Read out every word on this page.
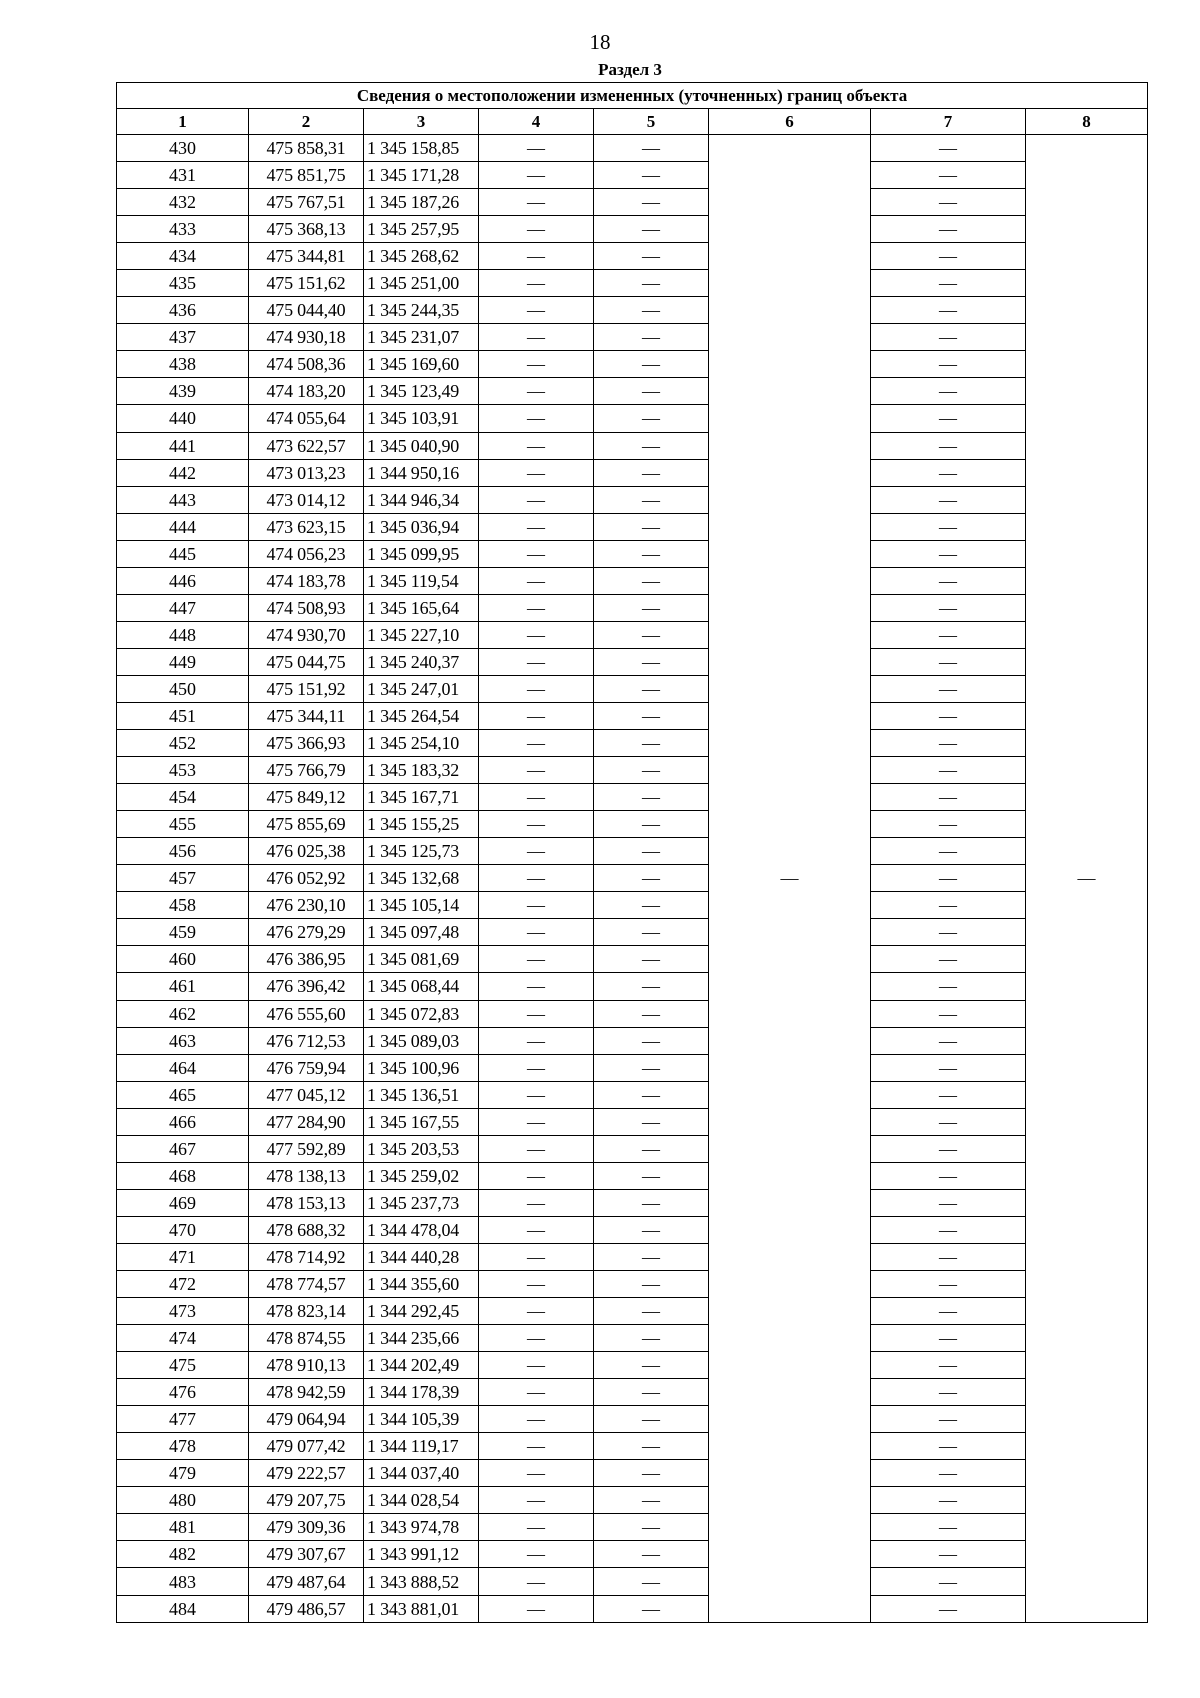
18
Раздел 3
Сведения о местоположении измененных (уточненных) границ объекта							
1	2	3	4	5	6	7	8
430	475 858,31	1 345 158,85	—	—	—	—	—
431	475 851,75	1 345 171,28	—	—		—	
432	475 767,51	1 345 187,26	—	—		—	
433	475 368,13	1 345 257,95	—	—		—	
434	475 344,81	1 345 268,62	—	—		—	
435	475 151,62	1 345 251,00	—	—		—	
436	475 044,40	1 345 244,35	—	—		—	
437	474 930,18	1 345 231,07	—	—		—	
438	474 508,36	1 345 169,60	—	—		—	
439	474 183,20	1 345 123,49	—	—		—	
440	474 055,64	1 345 103,91	—	—		—	
441	473 622,57	1 345 040,90	—	—		—	
442	473 013,23	1 344 950,16	—	—		—	
443	473 014,12	1 344 946,34	—	—		—	
444	473 623,15	1 345 036,94	—	—		—	
445	474 056,23	1 345 099,95	—	—		—	
446	474 183,78	1 345 119,54	—	—		—	
447	474 508,93	1 345 165,64	—	—		—	
448	474 930,70	1 345 227,10	—	—		—	
449	475 044,75	1 345 240,37	—	—		—	
450	475 151,92	1 345 247,01	—	—		—	
451	475 344,11	1 345 264,54	—	—		—	
452	475 366,93	1 345 254,10	—	—		—	
453	475 766,79	1 345 183,32	—	—		—	
454	475 849,12	1 345 167,71	—	—		—	
455	475 855,69	1 345 155,25	—	—		—	
456	476 025,38	1 345 125,73	—	—		—	
457	476 052,92	1 345 132,68	—	—		—	
458	476 230,10	1 345 105,14	—	—		—	
459	476 279,29	1 345 097,48	—	—		—	
460	476 386,95	1 345 081,69	—	—		—	
461	476 396,42	1 345 068,44	—	—		—	
462	476 555,60	1 345 072,83	—	—		—	
463	476 712,53	1 345 089,03	—	—		—	
464	476 759,94	1 345 100,96	—	—		—	
465	477 045,12	1 345 136,51	—	—		—	
466	477 284,90	1 345 167,55	—	—		—	
467	477 592,89	1 345 203,53	—	—		—	
468	478 138,13	1 345 259,02	—	—		—	
469	478 153,13	1 345 237,73	—	—		—	
470	478 688,32	1 344 478,04	—	—		—	
471	478 714,92	1 344 440,28	—	—		—	
472	478 774,57	1 344 355,60	—	—		—	
473	478 823,14	1 344 292,45	—	—		—	
474	478 874,55	1 344 235,66	—	—		—	
475	478 910,13	1 344 202,49	—	—		—	
476	478 942,59	1 344 178,39	—	—		—	
477	479 064,94	1 344 105,39	—	—		—	
478	479 077,42	1 344 119,17	—	—		—	
479	479 222,57	1 344 037,40	—	—		—	
480	479 207,75	1 344 028,54	—	—		—	
481	479 309,36	1 343 974,78	—	—		—	
482	479 307,67	1 343 991,12	—	—		—	
483	479 487,64	1 343 888,52	—	—		—	
484	479 486,57	1 343 881,01	—	—		—	
